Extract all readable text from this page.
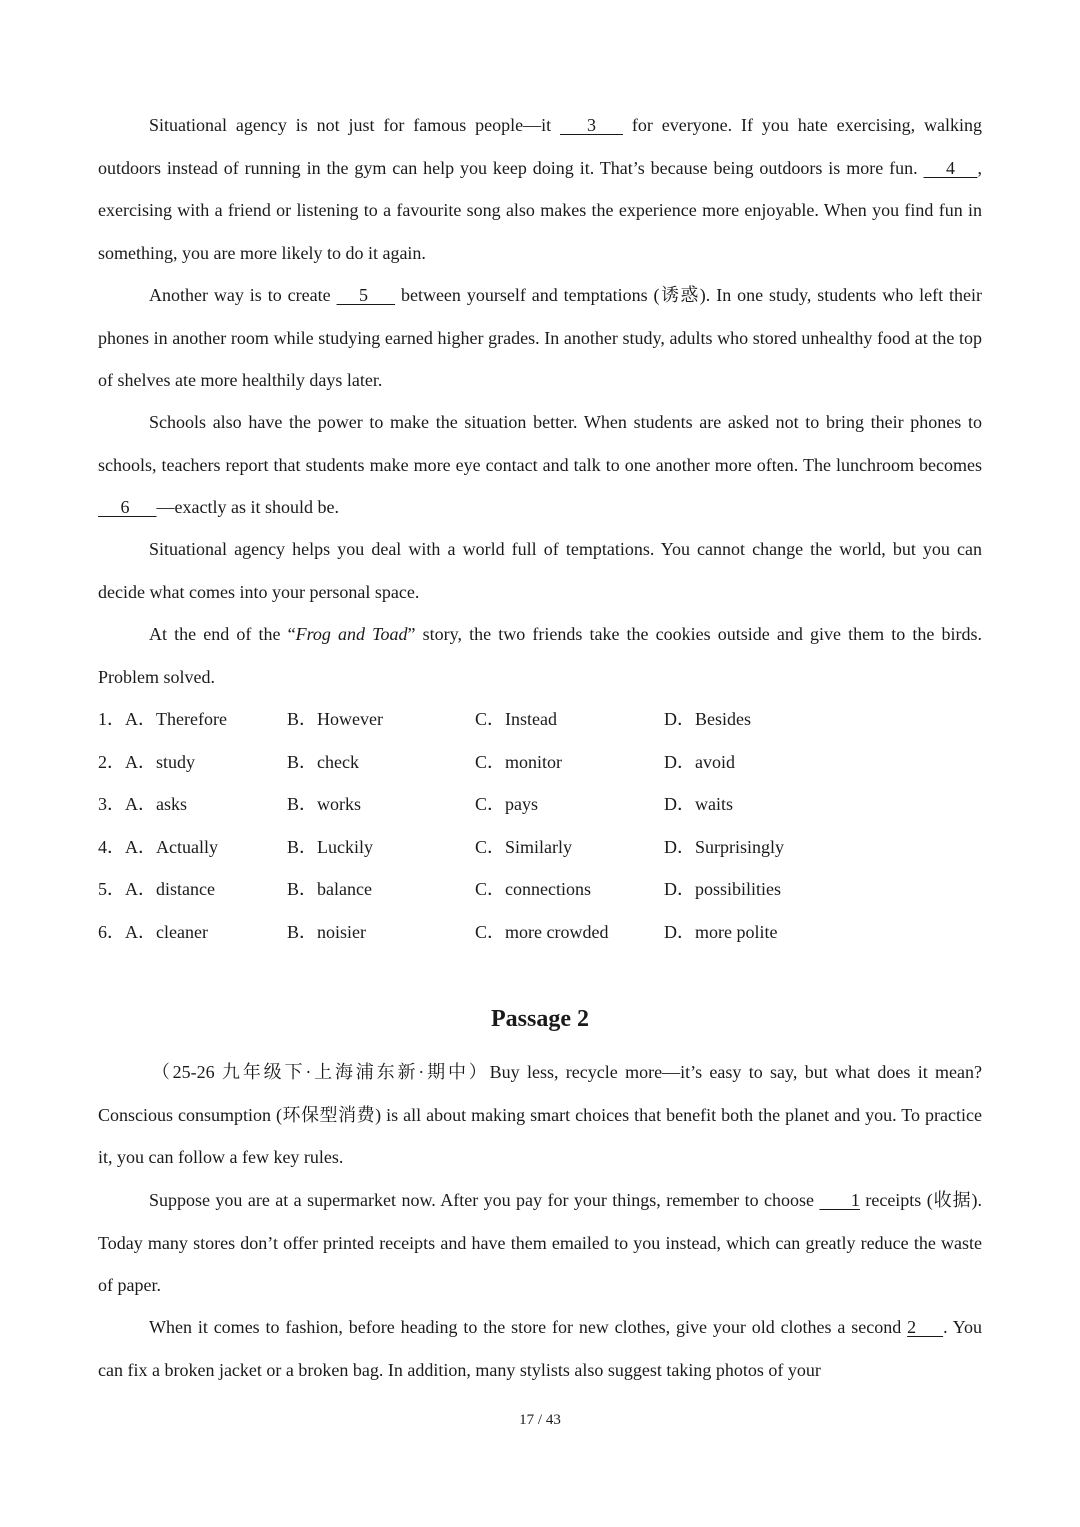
Situational agency is not just for famous people—it       3       for everyone. If you hate exercising, walking outdoors instead of running in the gym can help you keep doing it. That’s because being outdoors is more fun.      4     , exercising with a friend or listening to a favourite song also makes the experience more enjoyable. When you find fun in something, you are more likely to do it again.

Another way is to create      5       between yourself and temptations (诱惑). In one study, students who left their phones in another room while studying earned higher grades. In another study, adults who stored unhealthy food at the top of shelves ate more healthily days later.

Schools also have the power to make the situation better. When students are asked not to bring their phones to schools, teachers report that students make more eye contact and talk to one another more often. The lunchroom becomes      6      —exactly as it should be.

Situational agency helps you deal with a world full of temptations. You cannot change the world, but you can decide what comes into your personal space.

At the end of the “Frog and Toad” story, the two friends take the cookies outside and give them to the birds. Problem solved.

1．A．Therefore	B．However	C．Instead	D．Besides
2．A．study	B．check	C．monitor	D．avoid
3．A．asks	B．works	C．pays	D．waits
4．A．Actually	B．Luckily	C．Similarly	D．Surprisingly
5．A．distance	B．balance	C．connections	D．possibilities
6．A．cleaner	B．noisier	C．more crowded	D．more polite
Passage 2

（25-26 九年级下·上海浦东新·期中）Buy less, recycle more—it’s easy to say, but what does it mean? Conscious consumption (环保型消费) is all about making smart choices that benefit both the planet and you. To practice it, you can follow a few key rules.

Suppose you are at a supermarket now. After you pay for your things, remember to choose        1 receipts (收据). Today many stores don’t offer printed receipts and have them emailed to you instead, which can greatly reduce the waste of paper.

When it comes to fashion, before heading to the store for new clothes, give your old clothes a second 2      . You can fix a broken jacket or a broken bag. In addition, many stylists also suggest taking photos of your

17 / 43
